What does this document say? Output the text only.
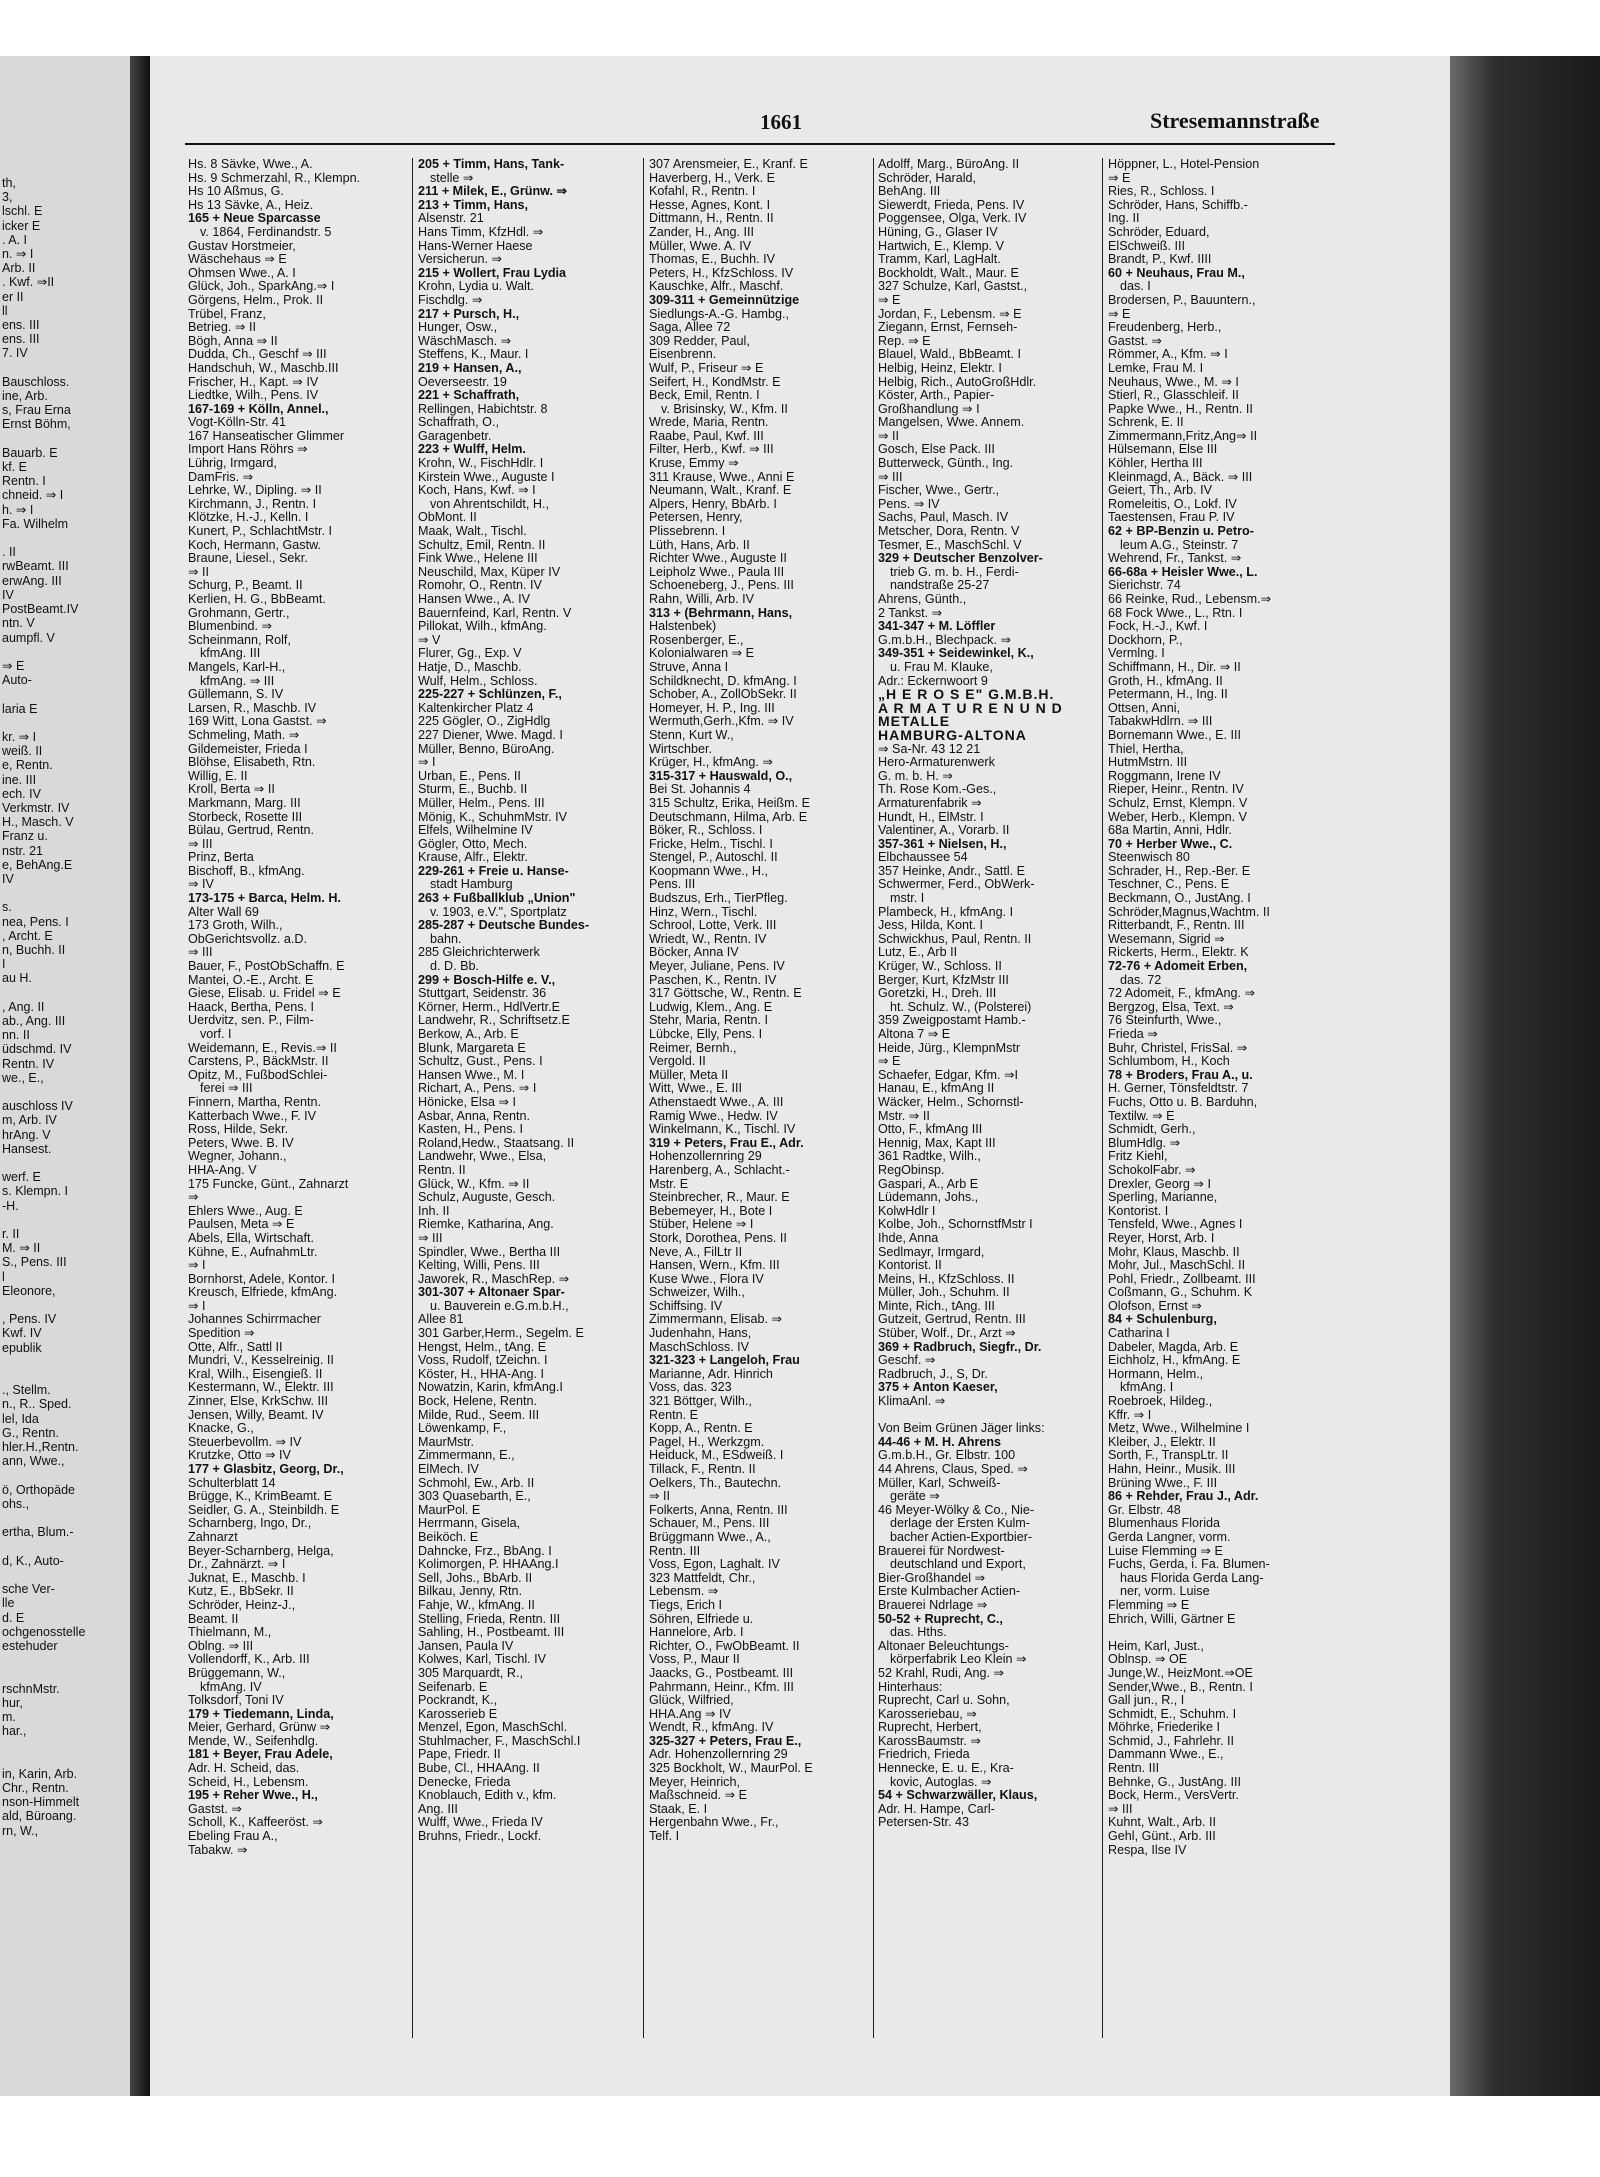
th,
3,
lschl. E
icker E
. A. I
n. ⇒ I
Arb. II
. Kwf. ⇒II
er II
ll
ens. III
ens. III
7. IV

Bauschloss.
ine, Arb.
s, Frau Erna
Ernst Böhm,

Bauarb. E
kf. E
Rentn. I
chneid. ⇒ I
h. ⇒ I
Fa. Wilhelm

. II
rwBeamt. III
erwAng. III
IV
PostBeamt.IV
ntn. V
aumpfl. V

⇒ E
Auto-

laria E

kr. ⇒ I
weiß. II
e, Rentn.
ine. III
ech. IV
Verkmstr. IV
H., Masch. V
Franz u.
nstr. 21
e, BehAng.E
IV

s.
nea, Pens. I
, Archt. E
n, Buchh. II
I
au H.

, Ang. II
ab., Ang. III
nn. II
üdschmd. IV
Rentn. IV
we., E.,

auschloss IV
m, Arb. IV
hrAng. V
Hansest.

werf. E
s. Klempn. I
-H.

r. II
M. ⇒ II
S., Pens. III
l
Eleonore,

, Pens. IV
Kwf. IV
epublik

., Stellm.
n., R.. Sped.
lel, Ida
G., Rentn.
hler.H.,Rentn.
ann, Wwe.,

ö, Orthopäde
ohs.,

ertha, Blum.-

d, K., Auto-

sche Ver-
lle
d. E
ochgenosstelle
estehuder

rschnMstr.
hur,
m.
har.,

in, Karin, Arb.
Chr., Rentn.
nson-Himmelt
ald, Büroang.
rn, W.,
1661	Stresemannstraße
Hs. 8 Sävke, Wwe., A.
Hs. 9 Schmerzahl, R., Klempn.
Hs 10 Aßmus, G.
Hs 13 Sävke, A., Heiz.
165 + Neue Sparcasse
v. 1864, Ferdinandstr. 5
Gustav Horstmeier,
Wäschehaus ⇒ E
Ohmsen Wwe., A. I
Glück, Joh., SparkAng.⇒ I
Görgens, Helm., Prok. II
Trübel, Franz,
Betrieg. ⇒ II
Bögh, Anna ⇒ II
Dudda, Ch., Geschf ⇒ III
Handschuh, W., Maschb.III
Frischer, H., Kapt. ⇒ IV
Liedtke, Wilh., Pens. IV
167-169 + Kölln, Annel.,
Vogt-Kölln-Str. 41
167 Hanseatischer Glimmer
Import Hans Röhrs ⇒
Lührig, Irmgard,
DamFris. ⇒
Lehrke, W., Dipling. ⇒ II
Kirchmann, J., Rentn. I
Klötzke, H.-J., Kelln. I
Kunert, P., SchlachtMstr. I
Koch, Hermann, Gastw.
Braune, Liesel., Sekr.
⇒ II
Schurg, P., Beamt. II
Kerlien, H. G., BbBeamt.
Grohmann, Gertr.,
Blumenbind. ⇒
Scheinmann, Rolf,
kfmAng. III
Mangels, Karl-H.,
kfmAng. ⇒ III
Güllemann, S. IV
Larsen, R., Maschb. IV
169 Witt, Lona Gastst. ⇒
Schmeling, Math. ⇒
Gildemeister, Frieda I
Blöhse, Elisabeth, Rtn.
Willig, E. II
Kroll, Berta ⇒ II
Markmann, Marg. III
Storbeck, Rosette III
Bülau, Gertrud, Rentn.
⇒ III
Prinz, Berta
Bischoff, B., kfmAng.
⇒ IV
173-175 + Barca, Helm. H.
Alter Wall 69
173 Groth, Wilh.,
ObGerichtsvollz. a.D.
⇒ III
Bauer, F., PostObSchaffn. E
Mantei, O.-E., Archt. E
Giese, Elisab. u. Fridel ⇒ E
Haack, Bertha, Pens. I
Uerdvitz, sen. P., Film-
vorf. I
Weidemann, E., Revis.⇒ II
Carstens, P., BäckMstr. II
Opitz, M., FußbodSchlei-
ferei ⇒ III
Finnern, Martha, Rentn.
Katterbach Wwe., F. IV
Ross, Hilde, Sekr.
Peters, Wwe. B. IV
Wegner, Johann.,
HHA-Ang. V
175 Funcke, Günt., Zahnarzt
⇒
Ehlers Wwe., Aug. E
Paulsen, Meta ⇒ E
Abels, Ella, Wirtschaft.
Kühne, E., AufnahmLtr.
⇒ I
Bornhorst, Adele, Kontor. I
Kreusch, Elfriede, kfmAng.
⇒ I
Johannes Schirrmacher
Spedition ⇒
Otte, Alfr., Sattl II
Mundri, V., Kesselreinig. II
Kral, Wilh., Eisengieß. II
Kestermann, W., Elektr. III
Zinner, Else, KrkSchw. III
Jensen, Willy, Beamt. IV
Knacke, G.,
Steuerbevollm. ⇒ IV
Krutzke, Otto ⇒ IV
177 + Glasbitz, Georg, Dr.,
Schulterblatt 14
Brügge, K., KrimBeamt. E
Seidler, G. A., Steinbildh. E
Scharnberg, Ingo, Dr.,
Zahnarzt
Beyer-Scharnberg, Helga,
Dr., Zahnärzt. ⇒ I
Juknat, E., Maschb. I
Kutz, E., BbSekr. II
Schröder, Heinz-J.,
Beamt. II
Thielmann, M.,
Oblng. ⇒ III
Vollendorff, K., Arb. III
Brüggemann, W.,
kfmAng. IV
Tolksdorf, Toni IV
179 + Tiedemann, Linda,
Meier, Gerhard, Grünw ⇒
Mende, W., Seifenhdlg.
181 + Beyer, Frau Adele,
Adr. H. Scheid, das.
Scheid, H., Lebensm.
195 + Reher Wwe., H.,
Gastst. ⇒
Scholl, K., Kaffeeröst. ⇒
Ebeling Frau A.,
Tabakw. ⇒
205 + Timm, Hans, Tank-
stelle ⇒
211 + Milek, E., Grünw. ⇒
213 + Timm, Hans,
Alsenstr. 21
Hans Timm, KfzHdl. ⇒
Hans-Werner Haese
Versicherun. ⇒
215 + Wollert, Frau Lydia
Krohn, Lydia u. Walt.
Fischdlg. ⇒
217 + Pursch, H.,
Hunger, Osw.,
WäschMasch. ⇒
Steffens, K., Maur. I
219 + Hansen, A.,
Oeverseestr. 19
221 + Schaffrath,
Rellingen, Habichtstr. 8
Schaffrath, O.,
Garagenbetr.
223 + Wulff, Helm.
Krohn, W., FischHdlr. I
Kirstein Wwe., Auguste I
Koch, Hans, Kwf. ⇒ I
von Ahrentschildt, H.,
ObMont. II
Maak, Walt., Tischl.
Schultz, Emil, Rentn. II
Fink Wwe., Helene III
Neuschild, Max, Küper IV
Romohr, O., Rentn. IV
Hansen Wwe., A. IV
Bauernfeind, Karl, Rentn. V
Pillokat, Wilh., kfmAng.
⇒ V
Flurer, Gg., Exp. V
Hatje, D., Maschb.
Wulf, Helm., Schloss.
225-227 + Schlünzen, F.,
Kaltenkircher Platz 4
225 Gögler, O., ZigHdlg
227 Diener, Wwe. Magd. I
Müller, Benno, BüroAng.
⇒ I
Urban, E., Pens. II
Sturm, E., Buchb. II
Müller, Helm., Pens. III
Mönig, K., SchuhmMstr. IV
Elfels, Wilhelmine IV
Gögler, Otto, Mech.
Krause, Alfr., Elektr.
229-261 + Freie u. Hanse-
stadt Hamburg
263 + Fußballklub „Union"
v. 1903, e.V.", Sportplatz
285-287 + Deutsche Bundes-
bahn.
285 Gleichrichterwerk
d. D. Bb.
299 + Bosch-Hilfe e. V.,
Stuttgart, Seidenstr. 36
Körner, Herm., HdlVertr.E
Landwehr, R., Schriftsetz.E
Berkow, A., Arb. E
Blunk, Margareta E
Schultz, Gust., Pens. I
Hansen Wwe., M. I
Richart, A., Pens. ⇒ I
Hönicke, Elsa ⇒ I
Asbar, Anna, Rentn.
Kasten, H., Pens. I
Roland,Hedw., Staatsang. II
Landwehr, Wwe., Elsa,
Rentn. II
Glück, W., Kfm. ⇒ II
Schulz, Auguste, Gesch.
Inh. II
Riemke, Katharina, Ang.
⇒ III
Spindler, Wwe., Bertha III
Kelting, Willi, Pens. III
Jaworek, R., MaschRep. ⇒
301-307 + Altonaer Spar-
u. Bauverein e.G.m.b.H.,
Allee 81
301 Garber,Herm., Segelm. E
Hengst, Helm., tAng. E
Voss, Rudolf, tZeichn. I
Köster, H., HHA-Ang. I
Nowatzin, Karin, kfmAng.I
Bock, Helene, Rentn.
Milde, Rud., Seem. III
Löwenkamp, F.,
MaurMstr.
Zimmermann, E.,
ElMech. IV
Schmohl, Ew., Arb. II
303 Quasebarth, E.,
MaurPol. E
Herrmann, Gisela,
Beiköch. E
Dahncke, Frz., BbAng. I
Kolimorgen, P. HHAAng.I
Sell, Johs., BbArb. II
Bilkau, Jenny, Rtn.
Fahje, W., kfmAng. II
Stelling, Frieda, Rentn. III
Sahling, H., Postbeamt. III
Jansen, Paula IV
Kolwes, Karl, Tischl. IV
305 Marquardt, R.,
Seifenarb. E
Pockrandt, K.,
Karosserieb E
Menzel, Egon, MaschSchl.
Stuhlmacher, F., MaschSchl.I
Pape, Friedr. II
Bube, Cl., HHAAng. II
Denecke, Frieda
Knoblauch, Edith v., kfm.
Ang. III
Wulff, Wwe., Frieda IV
Bruhns, Friedr., Lockf.
307 Arensmeier, E., Kranf. E
Haverberg, H., Verk. E
Kofahl, R., Rentn. I
Hesse, Agnes, Kont. I
Dittmann, H., Rentn. II
Zander, H., Ang. III
Müller, Wwe. A. IV
Thomas, E., Buchh. IV
Peters, H., KfzSchloss. IV
Kauschke, Alfr., Maschf.
309-311 + Gemeinnützige
Siedlungs-A.-G. Hambg.,
Saga, Allee 72
309 Redder, Paul,
Eisenbrenn.
Wulf, P., Friseur ⇒ E
Seifert, H., KondMstr. E
Beck, Emil, Rentn. I
v. Brisinsky, W., Kfm. II
Wrede, Maria, Rentn.
Raabe, Paul, Kwf. III
Filter, Herb., Kwf. ⇒ III
Kruse, Emmy ⇒
311 Krause, Wwe., Anni E
Neumann, Walt., Kranf. E
Alpers, Henry, BbArb. I
Petersen, Henry,
Plissebrenn. I
Lüth, Hans, Arb. II
Richter Wwe., Auguste II
Leipholz Wwe., Paula III
Schoeneberg, J., Pens. III
Rahn, Willi, Arb. IV
313 + (Behrmann, Hans,
Halstenbek)
Rosenberger, E.,
Kolonialwaren ⇒ E
Struve, Anna I
Schildknecht, D. kfmAng. I
Schober, A., ZollObSekr. II
Homeyer, H. P., Ing. III
Wermuth,Gerh.,Kfm. ⇒ IV
Stenn, Kurt W.,
Wirtschber.
Krüger, H., kfmAng. ⇒
315-317 + Hauswald, O.,
Bei St. Johannis 4
315 Schultz, Erika, Heißm. E
Deutschmann, Hilma, Arb. E
Böker, R., Schloss. I
Fricke, Helm., Tischl. I
Stengel, P., Autoschl. II
Koopmann Wwe., H.,
Pens. III
Budszus, Erh., TierPfleg.
Hinz, Wern., Tischl.
Schrool, Lotte, Verk. III
Wriedt, W., Rentn. IV
Böcker, Anna IV
Meyer, Juliane, Pens. IV
Paschen, K., Rentn. IV
317 Göttsche, W., Rentn. E
Ludwig, Klem., Ang. E
Stehr, Maria, Rentn. I
Lübcke, Elly, Pens. I
Reimer, Bernh.,
Vergold. II
Müller, Meta II
Witt, Wwe., E. III
Athenstaedt Wwe., A. III
Ramig Wwe., Hedw. IV
Winkelmann, K., Tischl. IV
319 + Peters, Frau E., Adr.
Hohenzollernring 29
Harenberg, A., Schlacht.-
Mstr. E
Steinbrecher, R., Maur. E
Bebemeyer, H., Bote I
Stüber, Helene ⇒ I
Stork, Dorothea, Pens. II
Neve, A., FilLtr II
Hansen, Wern., Kfm. III
Kuse Wwe., Flora IV
Schweizer, Wilh.,
Schiffsing. IV
Zimmermann, Elisab. ⇒
Judenhahn, Hans,
MaschSchloss. IV
321-323 + Langeloh, Frau
Marianne, Adr. Hinrich
Voss, das. 323
321 Böttger, Wilh.,
Rentn. E
Kopp, A., Rentn. E
Pagel, H., Werkzgm.
Heiduck, M., ESdweiß. I
Tillack, F., Rentn. II
Oelkers, Th., Bautechn.
⇒ II
Folkerts, Anna, Rentn. III
Schauer, M., Pens. III
Brüggmann Wwe., A.,
Rentn. III
Voss, Egon, Laghalt. IV
323 Mattfeldt, Chr.,
Lebensm. ⇒
Tiegs, Erich I
Söhren, Elfriede u.
Hannelore, Arb. I
Richter, O., FwObBeamt. II
Voss, P., Maur II
Jaacks, G., Postbeamt. III
Pahrmann, Heinr., Kfm. III
Glück, Wilfried,
HHA.Ang ⇒ IV
Wendt, R., kfmAng. IV
325-327 + Peters, Frau E.,
Adr. Hohenzollernring 29
325 Bockholt, W., MaurPol. E
Meyer, Heinrich,
Maßschneid. ⇒ E
Staak, E. I
Hergenbahn Wwe., Fr.,
Telf. I
Adolff, Marg., BüroAng. II
Schröder, Harald,
BehAng. III
Siewerdt, Frieda, Pens. IV
Poggensee, Olga, Verk. IV
Hüning, G., Glaser IV
Hartwich, E., Klemp. V
Tramm, Karl, LagHalt.
Bockholdt, Walt., Maur. E
327 Schulze, Karl, Gastst.,
⇒ E
Jordan, F., Lebensm. ⇒ E
Ziegann, Ernst, Fernseh-
Rep. ⇒ E
Blauel, Wald., BbBeamt. I
Helbig, Heinz, Elektr. I
Helbig, Rich., AutoGroßHdlr.
Köster, Arth., Papier-
Großhandlung ⇒ I
Mangelsen, Wwe. Annem.
⇒ II
Gosch, Else Pack. III
Butterweck, Günth., Ing.
⇒ III
Fischer, Wwe., Gertr.,
Pens. ⇒ IV
Sachs, Paul, Masch. IV
Metscher, Dora, Rentn. V
Tesmer, E., MaschSchl. V
329 + Deutscher Benzolver-
trieb G. m. b. H., Ferdi-
nandstraße 25-27
Ahrens, Günth.,
2 Tankst. ⇒
341-347 + M. Löffler
G.m.b.H., Blechpack. ⇒
349-351 + Seidewinkel, K.,
u. Frau M. Klauke,
Adr.: Eckernwoort 9
„H E R O S E" G.M.B.H.
A R M A T U R E N U N D
METALLE
HAMBURG-ALTONA
⇒ Sa-Nr. 43 12 21
Hero-Armaturenwerk
G. m. b. H. ⇒
Th. Rose Kom.-Ges.,
Armaturenfabrik ⇒
Hundt, H., ElMstr. I
Valentiner, A., Vorarb. II
357-361 + Nielsen, H.,
Elbchaussee 54
357 Heinke, Andr., Sattl. E
Schwermer, Ferd., ObWerk-
mstr. I
Plambeck, H., kfmAng. I
Jess, Hilda, Kont. I
Schwickhus, Paul, Rentn. II
Lutz, E., Arb II
Krüger, W., Schloss. II
Berger, Kurt, KfzMstr III
Goretzki, H., Dreh. III
ht. Schulz. W., (Polsterei)
359 Zweigpostamt Hamb.-
Altona 7 ⇒ E
Heide, Jürg., KlempnMstr
⇒ E
Schaefer, Edgar, Kfm. ⇒I
Hanau, E., kfmAng II
Wäcker, Helm., Schornstl-
Mstr. ⇒ II
Otto, F., kfmAng III
Hennig, Max, Kapt III
361 Radtke, Wilh.,
RegObinsp.
Gaspari, A., Arb E
Lüdemann, Johs.,
KolwHdlr I
Kolbe, Joh., SchornstfMstr I
Ihde, Anna
Sedlmayr, Irmgard,
Kontorist. II
Meins, H., KfzSchloss. II
Müller, Joh., Schuhm. II
Minte, Rich., tAng. III
Gutzeit, Gertrud, Rentn. III
Stüber, Wolf., Dr., Arzt ⇒
369 + Radbruch, Siegfr., Dr.
Geschf. ⇒
Radbruch, J., S, Dr.
375 + Anton Kaeser,
KlimaAnl. ⇒

Von Beim Grünen Jäger links:
44-46 + M. H. Ahrens
G.m.b.H., Gr. Elbstr. 100
44 Ahrens, Claus, Sped. ⇒
Müller, Karl, Schweiß-
geräte ⇒
46 Meyer-Wölky & Co., Nie-
derlage der Ersten Kulm-
bacher Actien-Exportbier-
Brauerei für Nordwest-
deutschland und Export,
Bier-Großhandel ⇒
Erste Kulmbacher Actien-
Brauerei Ndrlage ⇒
50-52 + Ruprecht, C.,
das. Hths.
Altonaer Beleuchtungs-
körperfabrik Leo Klein ⇒
52 Krahl, Rudi, Ang. ⇒
Hinterhaus:
Ruprecht, Carl u. Sohn,
Karosseriebau, ⇒
Ruprecht, Herbert,
KarossBaumstr. ⇒
Friedrich, Frieda
Hennecke, E. u. E., Kra-
kovic, Autoglas. ⇒
54 + Schwarzwäller, Klaus,
Adr. H. Hampe, Carl-
Petersen-Str. 43
Höppner, L., Hotel-Pension
⇒ E
Ries, R., Schloss. I
Schröder, Hans, Schiffb.-
Ing. II
Schröder, Eduard,
ElSchweiß. III
Brandt, P., Kwf. IIII
60 + Neuhaus, Frau M.,
das. I
Brodersen, P., Bauuntern.,
⇒ E
Freudenberg, Herb.,
Gastst. ⇒
Römmer, A., Kfm. ⇒ I
Lemke, Frau M. I
Neuhaus, Wwe., M. ⇒ I
Stierl, R., Glasschleif. II
Papke Wwe., H., Rentn. II
Schrenk, E. II
Zimmermann,Fritz,Ang⇒ II
Hülsemann, Else III
Köhler, Hertha III
Kleinmagd, A., Bäck. ⇒ III
Geiert, Th., Arb. IV
Romeleitis, O., Lokf. IV
Taestensen, Frau P. IV
62 + BP-Benzin u. Petro-
leum A.G., Steinstr. 7
Wehrend, Fr., Tankst. ⇒
66-68a + Heisler Wwe., L.
Sierichstr. 74
66 Reinke, Rud., Lebensm.⇒
68 Fock Wwe., L., Rtn. I
Fock, H.-J., Kwf. I
Dockhorn, P.,
Vermlng. I
Schiffmann, H., Dir. ⇒ II
Groth, H., kfmAng. II
Petermann, H., Ing. II
Ottsen, Anni,
TabakwHdlrn. ⇒ III
Bornemann Wwe., E. III
Thiel, Hertha,
HutmMstrn. III
Roggmann, Irene IV
Rieper, Heinr., Rentn. IV
Schulz, Ernst, Klempn. V
Weber, Herb., Klempn. V
68a Martin, Anni, Hdlr.
70 + Herber Wwe., C.
Steenwisch 80
Schrader, H., Rep.-Ber. E
Teschner, C., Pens. E
Beckmann, O., JustAng. I
Schröder,Magnus,Wachtm. II
Ritterbandt, F., Rentn. III
Wesemann, Sigrid ⇒
Rickerts, Herm., Elektr. K
72-76 + Adomeit Erben,
das. 72
72 Adomeit, F., kfmAng. ⇒
Bergzog, Elsa, Text. ⇒
76 Steinfurth, Wwe.,
Frieda ⇒
Buhr, Christel, FrisSal. ⇒
Schlumbom, H., Koch
78 + Broders, Frau A., u.
H. Gerner, Tönsfeldtstr. 7
Fuchs, Otto u. B. Barduhn,
Textilw. ⇒ E
Schmidt, Gerh.,
BlumHdlg. ⇒
Fritz Kiehl,
SchokolFabr. ⇒
Drexler, Georg ⇒ I
Sperling, Marianne,
Kontorist. I
Tensfeld, Wwe., Agnes I
Reyer, Horst, Arb. I
Mohr, Klaus, Maschb. II
Mohr, Jul., MaschSchl. II
Pohl, Friedr., Zollbeamt. III
Coßmann, G., Schuhm. K
Olofson, Ernst ⇒
84 + Schulenburg,
Catharina I
Dabeler, Magda, Arb. E
Eichholz, H., kfmAng. E
Hormann, Helm.,
kfmAng. I
Roebroek, Hildeg.,
Kffr. ⇒ I
Metz, Wwe., Wilhelmine I
Kleiber, J., Elektr. II
Sorth, F., TranspLtr. II
Hahn, Heinr., Musik. III
Brüning Wwe., F. III
86 + Rehder, Frau J., Adr.
Gr. Elbstr. 48
Blumenhaus Florida
Gerda Langner, vorm.
Luise Flemming ⇒ E
Fuchs, Gerda, i. Fa. Blumen-
haus Florida Gerda Lang-
ner, vorm. Luise
Flemming ⇒ E
Ehrich, Willi, Gärtner E

Heim, Karl, Just.,
Oblnsp. ⇒ OE
Junge,W., HeizMont.⇒OE
Sender,Wwe., B., Rentn. I
Gall jun., R., I
Schmidt, E., Schuhm. I
Möhrke, Friederike I
Schmid, J., Fahrlehr. II
Dammann Wwe., E.,
Rentn. III
Behnke, G., JustAng. III
Bock, Herm., VersVertr.
⇒ III
Kuhnt, Walt., Arb. II
Gehl, Günt., Arb. III
Respa, Ilse IV
